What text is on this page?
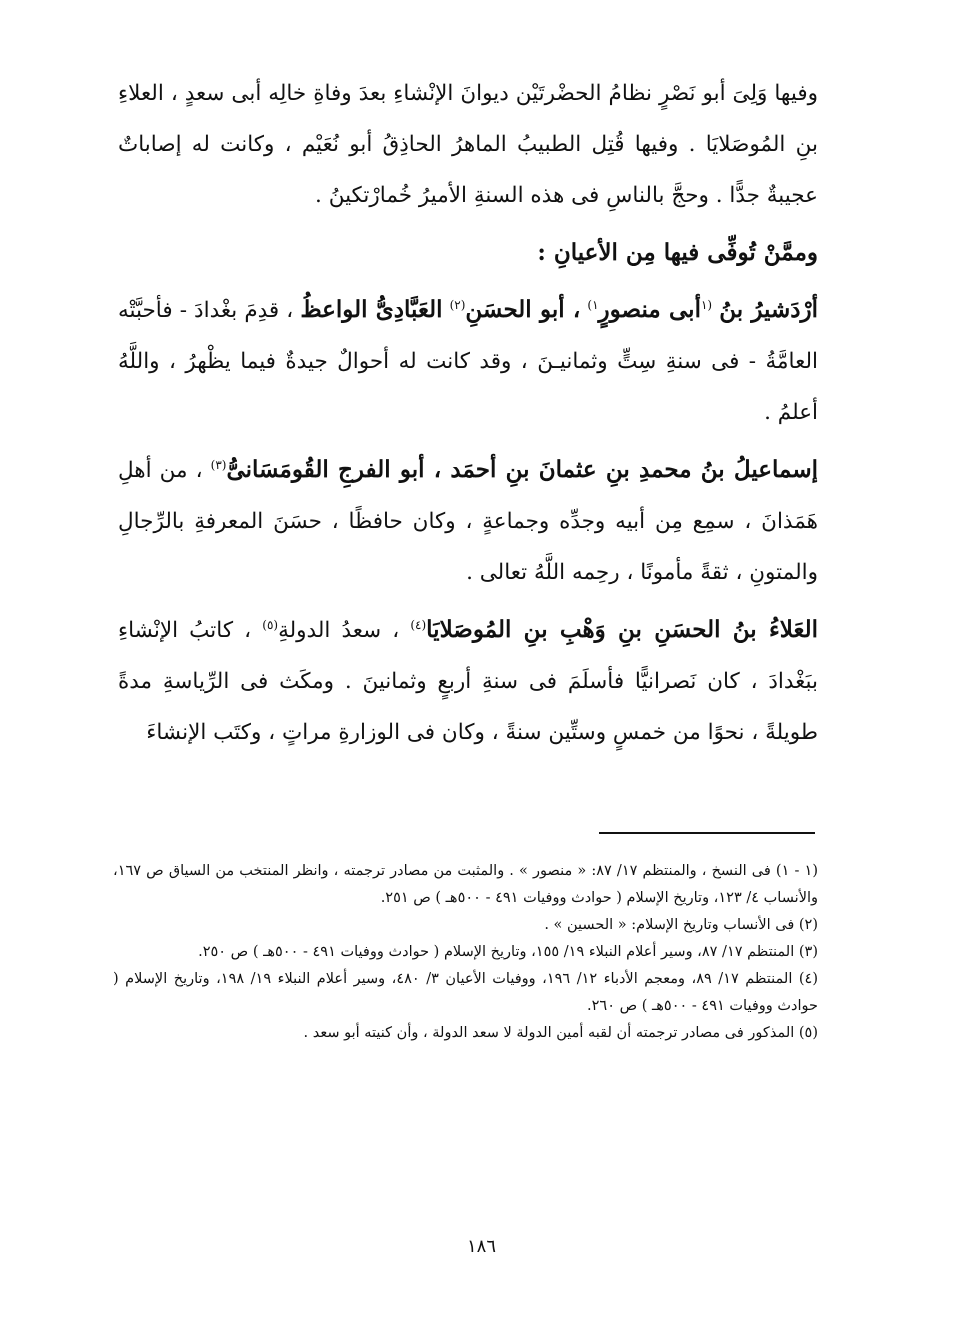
وفيها وَلِىَ أبو نَصْرٍ نظامُ الحضْرتَيْن ديوانَ الإنْشاءِ بعدَ وفاةِ خالِه أبى سعدٍ ، العلاءِ بنِ المُوصَلايَا . وفيها قُتِل الطبيبُ الماهرُ الحاذِقُ أبو نُعَيْم ، وكانت له إصاباتٌ عجيبةٌ جدًّا . وحجَّ بالناسِ فى هذه السنةِ الأميرُ خُمارْتكينُ .

وممَّنْ تُوفِّى فيها مِن الأعيانِ :

أرْدَشيرُ بنُ $^{(١}$أبى منصورٍ$^{١)}$ ، أبو الحسَنِ$^{(٢)}$ العَبَّادِىُّ الواعظُ ، قدِمَ بغْدادَ - فأحبَّتْه العامَّةُ - فى سنةِ سِتٍّ وثمانيـنَ ، وقد كانت له أحوالٌ جيدةٌ فيما يظْهرُ ، واللَّهُ أعلمُ .

إسماعيلُ بنُ محمدِ بنِ عثمانَ بنِ أحمَد ، أبو الفرجِ القُومَسَانىُّ$^{(٣)}$ ، من أهلِ هَمَذانَ ، سمِع مِن أبيه وجدِّه وجماعةٍ ، وكان حافظًا ، حسَنَ المعرفةِ بالرِّجالِ والمتونِ ، ثقةً مأمونًا ، رحِمه اللَّهُ تعالى .

العَلاءُ بنُ الحسَنِ بنِ وَهْبِ بنِ المُوصَلايَا$^{(٤)}$ ، سعدُ الدولةِ$^{(٥)}$ ، كاتبُ الإنْشاءِ ببَغْدادَ ، كان نَصرانيًّا فأسلَمَ فى سنةِ أربعٍ وثمانينَ . ومكَث فى الرِّياسةِ مدةً طويلةً ، نحوًا من خمسٍ وستِّين سنةً ، وكان فى الوزارةِ مراتٍ ، وكتَب الإنشاءَ

(١ - ١) فى النسخ ، والمنتظم ١٧/ ٨٧: « منصور » . والمثبت من مصادر ترجمته ، وانظر المنتخب من السياق ص ١٦٧، والأنساب ٤/ ١٢٣، وتاريخ الإسلام ( حوادث ووفيات ٤٩١ - ٥٠٠هـ ) ص ٢٥١.

(٢) فى الأنساب وتاريخ الإسلام: « الحسين » .

(٣) المنتظم ١٧/ ٨٧، وسير أعلام النبلاء ١٩/ ١٥٥، وتاريخ الإسلام ( حوادث ووفيات ٤٩١ - ٥٠٠هـ ) ص ٢٥٠.

(٤) المنتظم ١٧/ ٨٩، ومعجم الأدباء ١٢/ ١٩٦، ووفيات الأعيان ٣/ ٤٨٠، وسير أعلام النبلاء ١٩/ ١٩٨، وتاريخ الإسلام ( حوادث ووفيات ٤٩١ - ٥٠٠هـ ) ص ٢٦٠.

(٥) المذكور فى مصادر ترجمته أن لقبه أمين الدولة لا سعد الدولة ، وأن كنيته أبو سعد .

١٨٦
